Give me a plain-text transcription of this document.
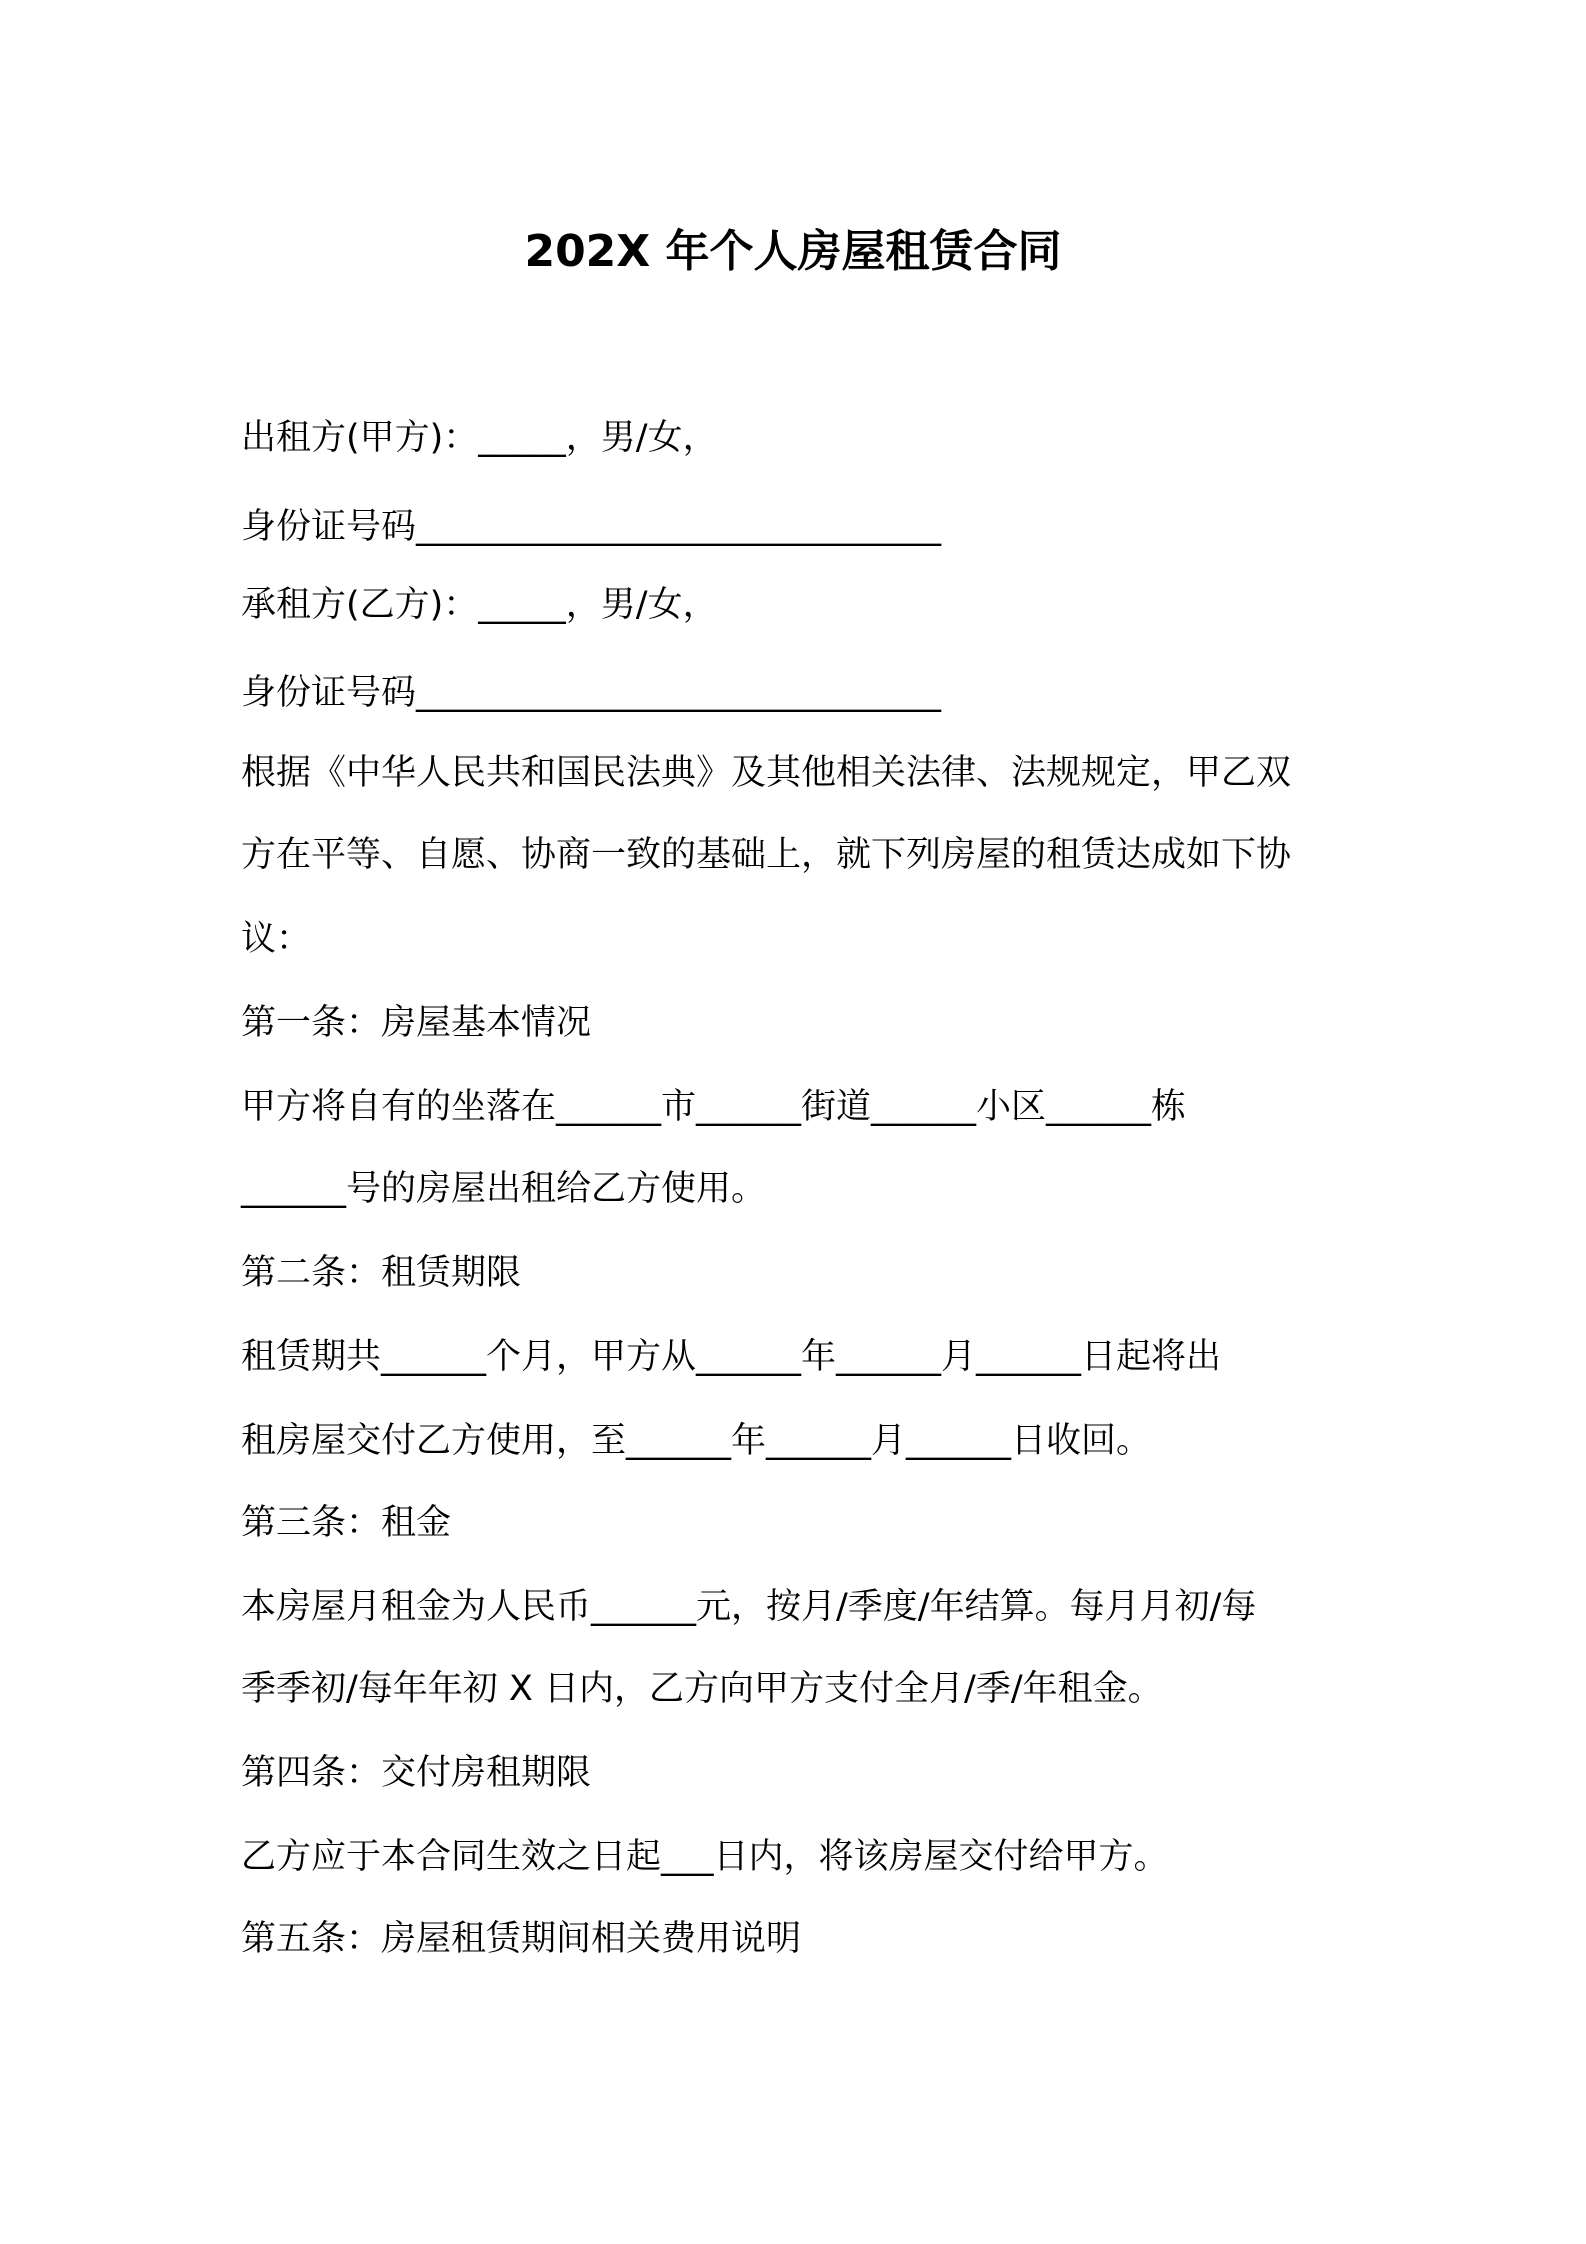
202X 年个人房屋租赁合同
出租方(甲方)：_____，男/女，
身份证号码______________________________
承租方(乙方)：_____，男/女，
身份证号码______________________________
根据《中华人民共和国民法典》及其他相关法律、法规规定，甲乙双
方在平等、自愿、协商一致的基础上，就下列房屋的租赁达成如下协
议：
第一条：房屋基本情况
甲方将自有的坐落在______市______街道______小区______栋
______号的房屋出租给乙方使用。
第二条：租赁期限
租赁期共______个月，甲方从______年______月______日起将出
租房屋交付乙方使用，至______年______月______日收回。
第三条：租金
本房屋月租金为人民币______元，按月/季度/年结算。每月月初/每
季季初/每年年初 X 日内，乙方向甲方支付全月/季/年租金。
第四条：交付房租期限
乙方应于本合同生效之日起___日内，将该房屋交付给甲方。
第五条：房屋租赁期间相关费用说明
